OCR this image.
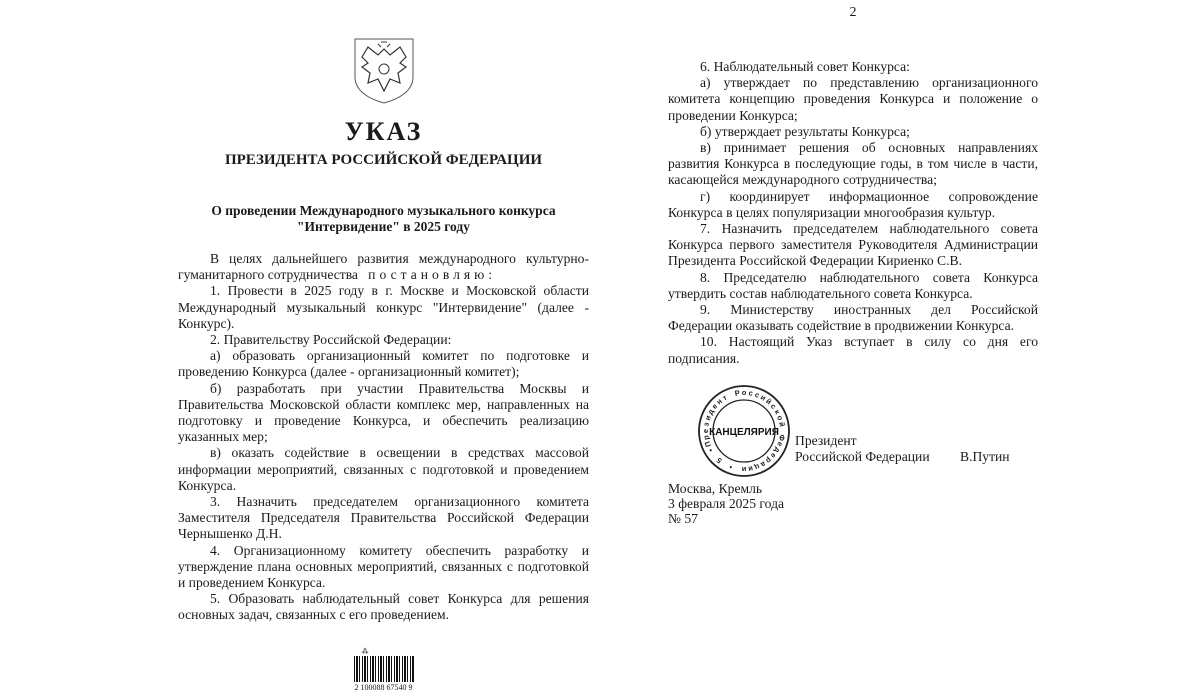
УКАЗ
ПРЕЗИДЕНТА РОССИЙСКОЙ ФЕДЕРАЦИИ
О проведении Международного музыкального конкурса
"Интервидение" в 2025 году

В целях дальнейшего развития международного культурно-гуманитарного сотрудничества постановляю:

1. Провести в 2025 году в г. Москве и Московской области Международный музыкальный конкурс "Интервидение" (далее - Конкурс).

2. Правительству Российской Федерации:

а) образовать организационный комитет по подготовке и проведению Конкурса (далее - организационный комитет);

б) разработать при участии Правительства Москвы и Правительства Московской области комплекс мер, направленных на подготовку и проведение Конкурса, и обеспечить реализацию указанных мер;

в) оказать содействие в освещении в средствах массовой информации мероприятий, связанных с подготовкой и проведением Конкурса.

3. Назначить председателем организационного комитета Заместителя Председателя Правительства Российской Федерации Чернышенко Д.Н.

4. Организационному комитету обеспечить разработку и утверждение плана основных мероприятий, связанных с подготовкой и проведением Конкурса.

5. Образовать наблюдательный совет Конкурса для решения основных задач, связанных с его проведением.

⁂
2 100088 67540 9
2

6. Наблюдательный совет Конкурса:

а) утверждает по представлению организационного комитета концепцию проведения Конкурса и положение о проведении Конкурса;

б) утверждает результаты Конкурса;

в) принимает решения об основных направлениях развития Конкурса в последующие годы, в том числе в части, касающейся международного сотрудничества;

г) координирует информационное сопровождение Конкурса в целях популяризации многообразия культур.

7. Назначить председателем наблюдательного совета Конкурса первого заместителя Руководителя Администрации Президента Российской Федерации Кириенко С.В.

8. Председателю наблюдательного совета Конкурса утвердить состав наблюдательного совета Конкурса.

9. Министерству иностранных дел Российской Федерации оказывать содействие в продвижении Конкурса.

10. Настоящий Указ вступает в силу со дня его подписания.

П
р
е
з
и
д
е
н
т Р о с с
и
й
с
к
о
й
Ф
е
д
е
р
а
ц
и
и
•
5
•
КАНЦЕЛЯРИЯ
Президент
Российской Федерации В.Путин
Москва, Кремль
3 февраля 2025 года
№ 57
